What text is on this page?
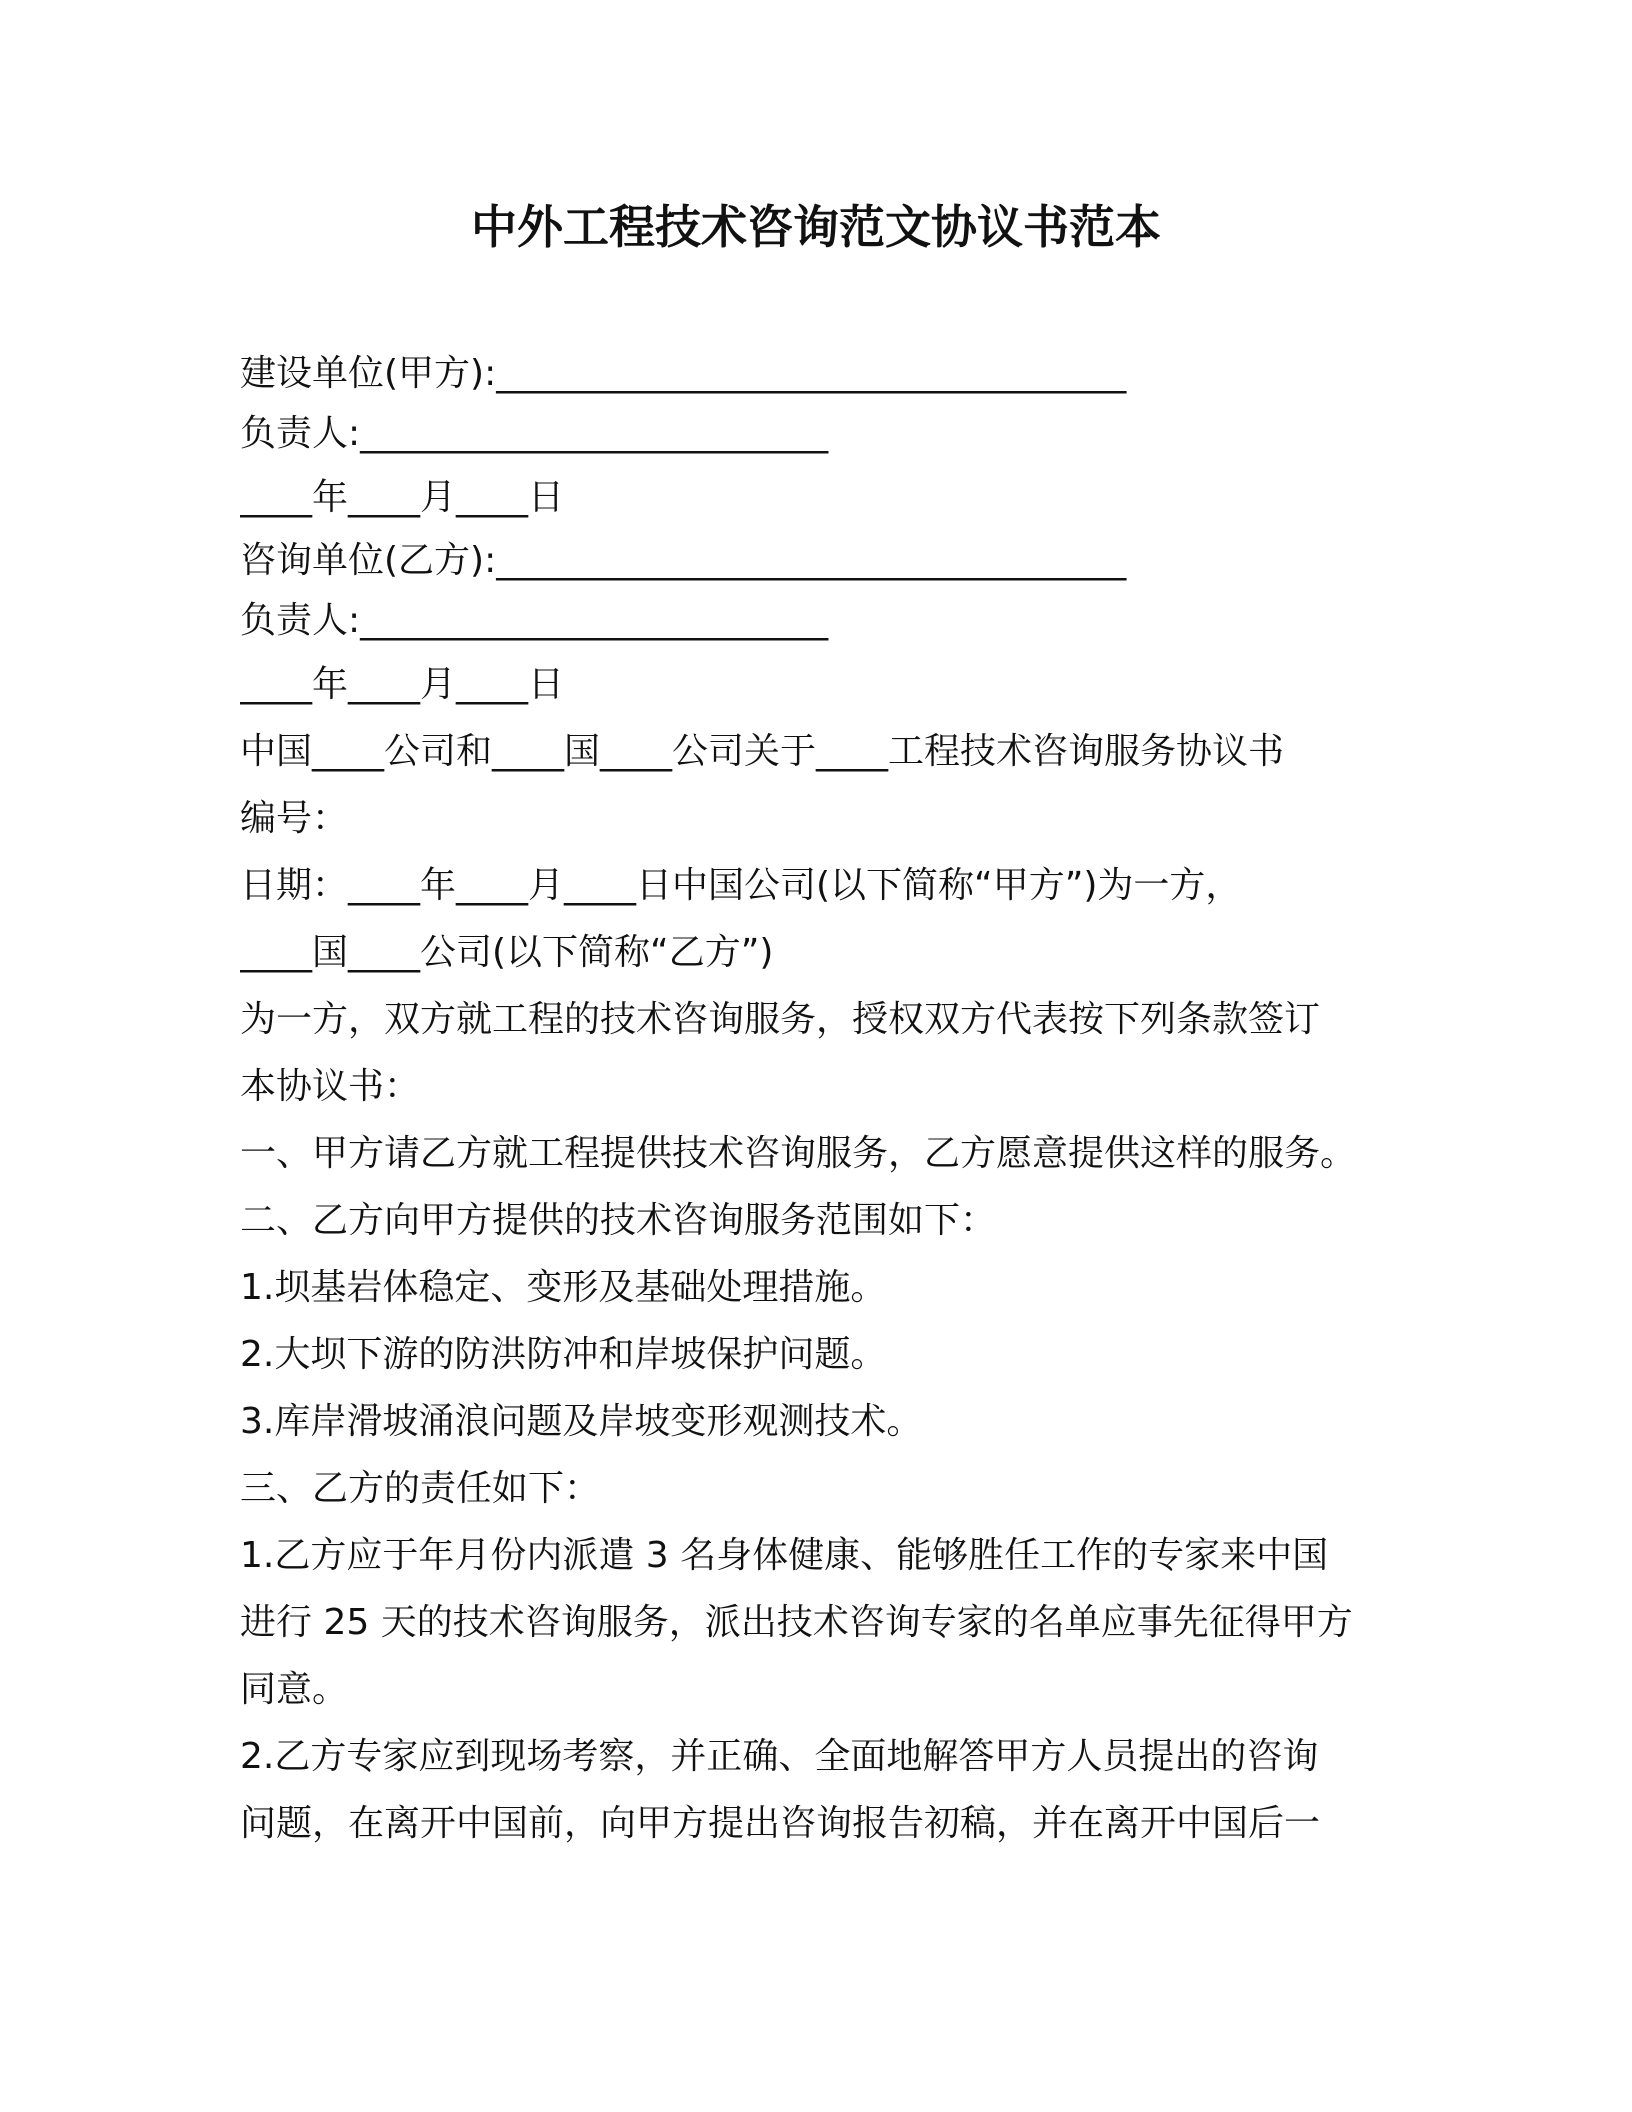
中外工程技术咨询范文协议书范本
建设单位(甲方):___________________________________
负责人:__________________________
____年____月____日
咨询单位(乙方):___________________________________
负责人:__________________________
____年____月____日
中国____公司和____国____公司关于____工程技术咨询服务协议书
编号：
日期：____年____月____日中国公司(以下简称“甲方”)为一方，
____国____公司(以下简称“乙方”)
为一方，双方就工程的技术咨询服务，授权双方代表按下列条款签订
本协议书：
一、甲方请乙方就工程提供技术咨询服务，乙方愿意提供这样的服务。
二、乙方向甲方提供的技术咨询服务范围如下：
1.坝基岩体稳定、变形及基础处理措施。
2.大坝下游的防洪防冲和岸坡保护问题。
3.库岸滑坡涌浪问题及岸坡变形观测技术。
三、乙方的责任如下：
1.乙方应于年月份内派遣 3 名身体健康、能够胜任工作的专家来中国
进行 25 天的技术咨询服务，派出技术咨询专家的名单应事先征得甲方
同意。
2.乙方专家应到现场考察，并正确、全面地解答甲方人员提出的咨询
问题，在离开中国前，向甲方提出咨询报告初稿，并在离开中国后一
